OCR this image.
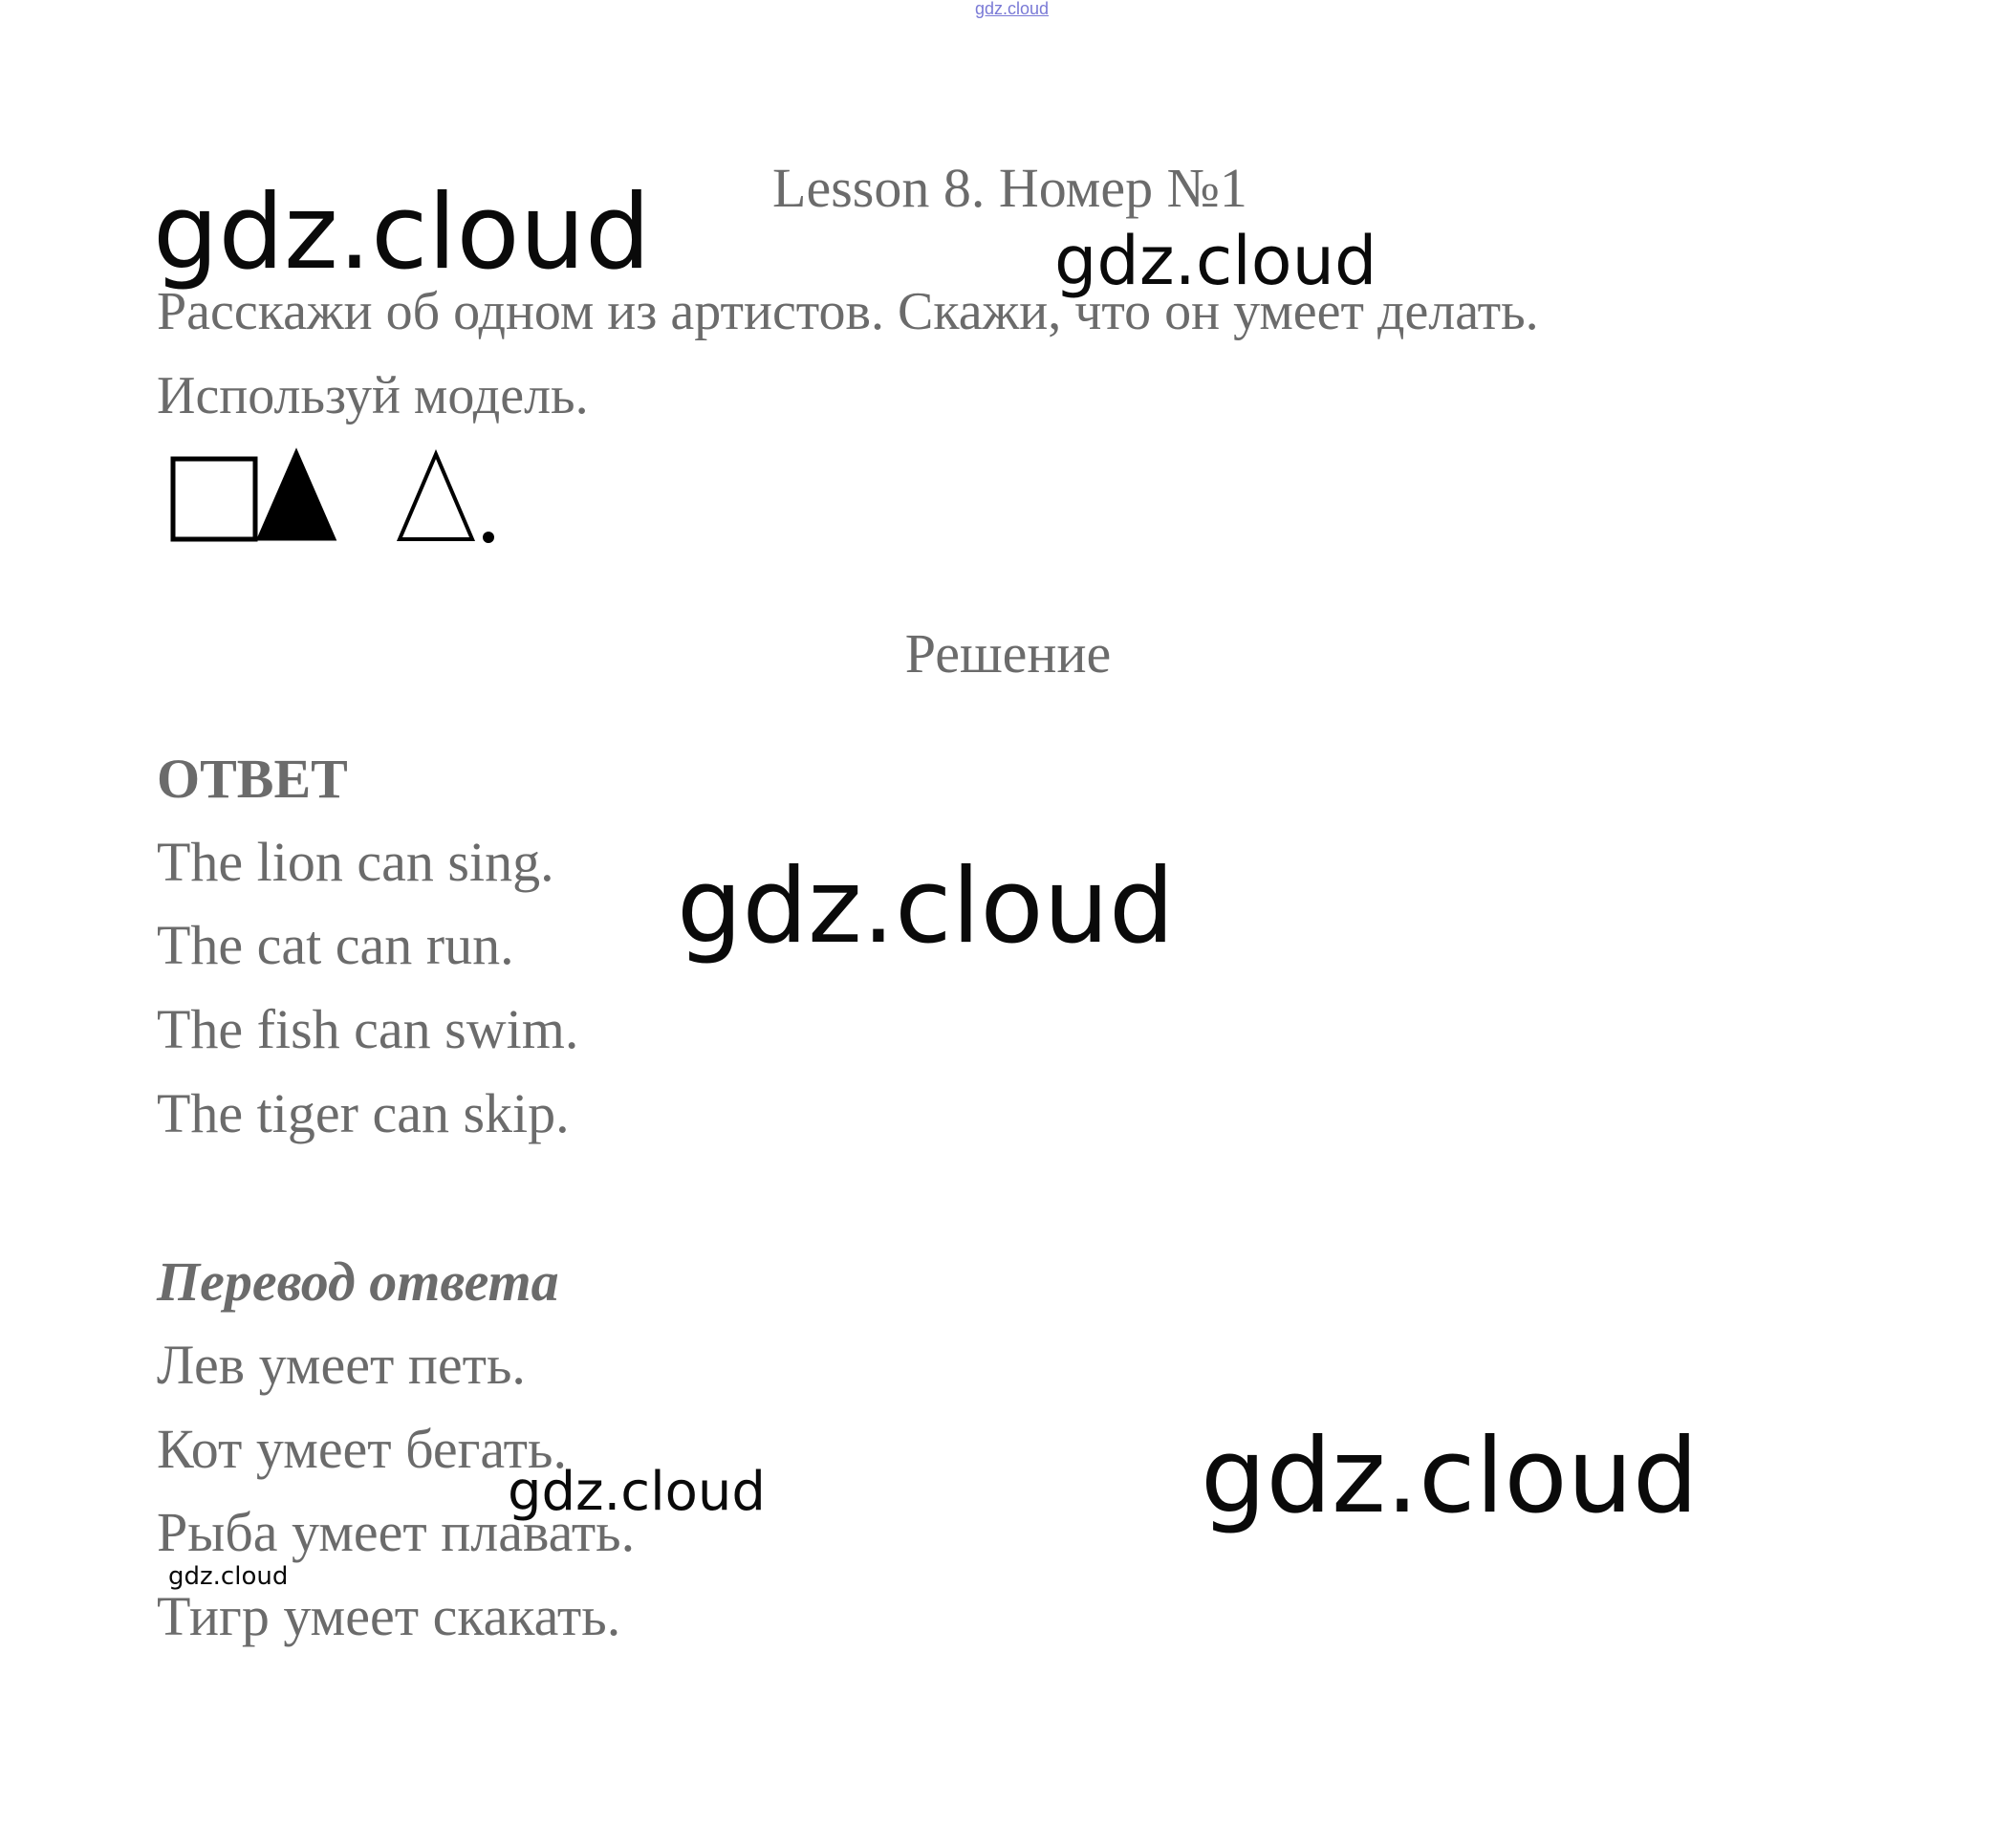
gdz.cloud
Lesson 8. Номер №1
Расскажи об одном из артистов. Скажи, что он умеет делать.
Используй модель.
Решение
ОТВЕТ
The lion can sing.
The cat can run.
The fish can swim.
The tiger can skip.
Перевод ответа
Лев умеет петь.
Кот умеет бегать.
Рыба умеет плавать.
Тигр умеет скакать.
gdz.cloud	gdz.cloud
gdz.cloud
gdz.cloud
gdz.cloud
gdz.cloud
